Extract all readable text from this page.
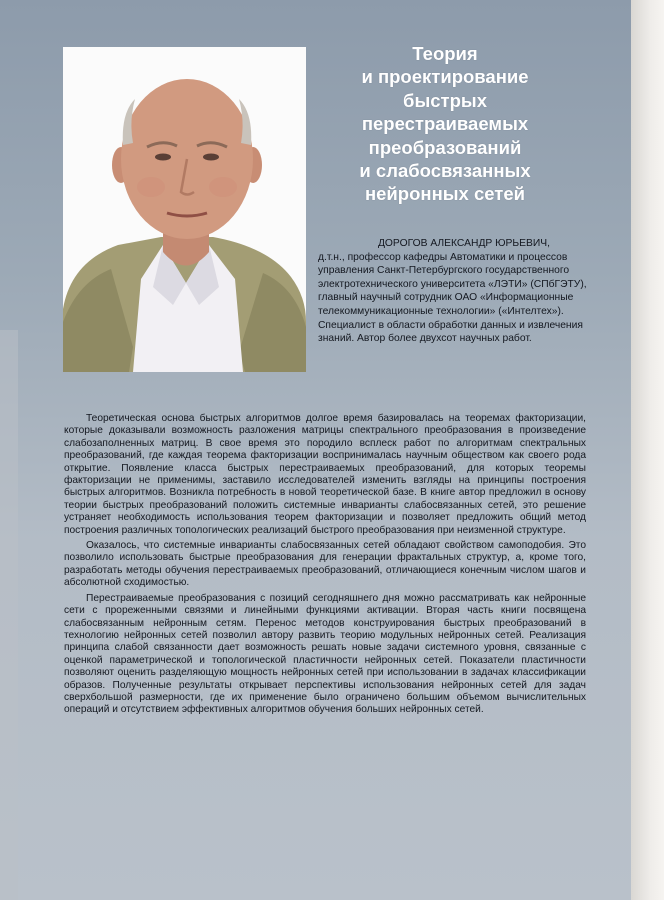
Теория
и проектирование
быстрых
перестраиваемых
преобразований
и слабосвязанных
нейронных сетей
ДОРОГОВ АЛЕКСАНДР ЮРЬЕВИЧ,
д.т.н., профессор кафедры Автоматики и процессов управления Санкт-Петербургского государственного электротехнического университета «ЛЭТИ» (СПбГЭТУ), главный научный сотрудник ОАО «Информационные телекоммуникационные технологии» («Интелтех»). Специалист в области обработки данных и извлечения знаний. Автор более двухсот научных работ.

Теоретическая основа быстрых алгоритмов долгое время базировалась на теоремах факторизации, которые доказывали возможность разложения матрицы спектрального преобразования в произведение слабозаполненных матриц. В свое время это породило всплеск работ по алгоритмам спектральных преобразований, где каждая теорема факторизации воспринималась научным обществом как своего рода открытие. Появление класса быстрых перестраиваемых преобразований, для которых теоремы факторизации не применимы, заставило исследователей изменить взгляды на принципы построения быстрых алгоритмов. Возникла потребность в новой теоретической базе. В книге автор предложил в основу теории быстрых преобразований положить системные инварианты слабосвязанных сетей, это решение устраняет необходимость использования теорем факторизации и позволяет предложить общий метод построения различных топологических реализаций быстрого преобразования при неизменной структуре.

Оказалось, что системные инварианты слабосвязанных сетей обладают свойством самоподобия. Это позволило использовать быстрые преобразования для генерации фрактальных структур, а, кроме того, разработать методы обучения перестраиваемых преобразований, отличающиеся конечным числом шагов и абсолютной сходимостью.

Перестраиваемые преобразования с позиций сегодняшнего дня можно рассматривать как нейронные сети с прореженными связями и линейными функциями активации. Вторая часть книги посвящена слабосвязанным нейронным сетям. Перенос методов конструирования быстрых преобразований в технологию нейронных сетей позволил автору развить теорию модульных нейронных сетей. Реализация принципа слабой связанности дает возможность решать новые задачи системного уровня, связанные с оценкой параметрической и топологической пластичности нейронных сетей. Показатели пластичности позволяют оценить разделяющую мощность нейронных сетей при использовании в задачах классификации образов. Полученные результаты открывает перспективы использования нейронных сетей для задач сверхбольшой размерности, где их применение было ограничено большим объемом вычислительных операций и отсутствием эффективных алгоритмов обучения больших нейронных сетей.
